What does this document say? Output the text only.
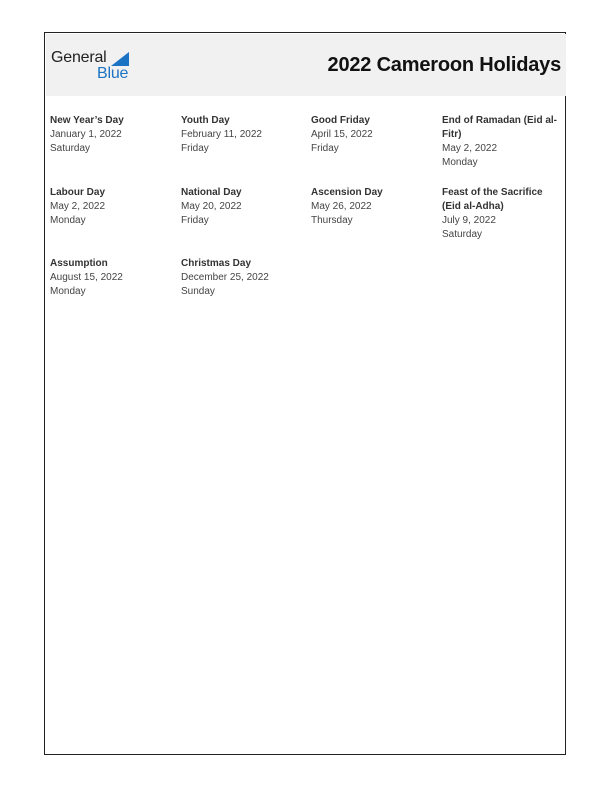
General
Blue	2022 Cameroon Holidays
New Year’s Day
January 1, 2022
Saturday
Youth Day
February 11, 2022
Friday
Good Friday
April 15, 2022
Friday
End of Ramadan (Eid al-Fitr)
May 2, 2022
Monday
Labour Day
May 2, 2022
Monday
National Day
May 20, 2022
Friday
Ascension Day
May 26, 2022
Thursday
Feast of the Sacrifice (Eid al-Adha)
July 9, 2022
Saturday
Assumption
August 15, 2022
Monday
Christmas Day
December 25, 2022
Sunday
